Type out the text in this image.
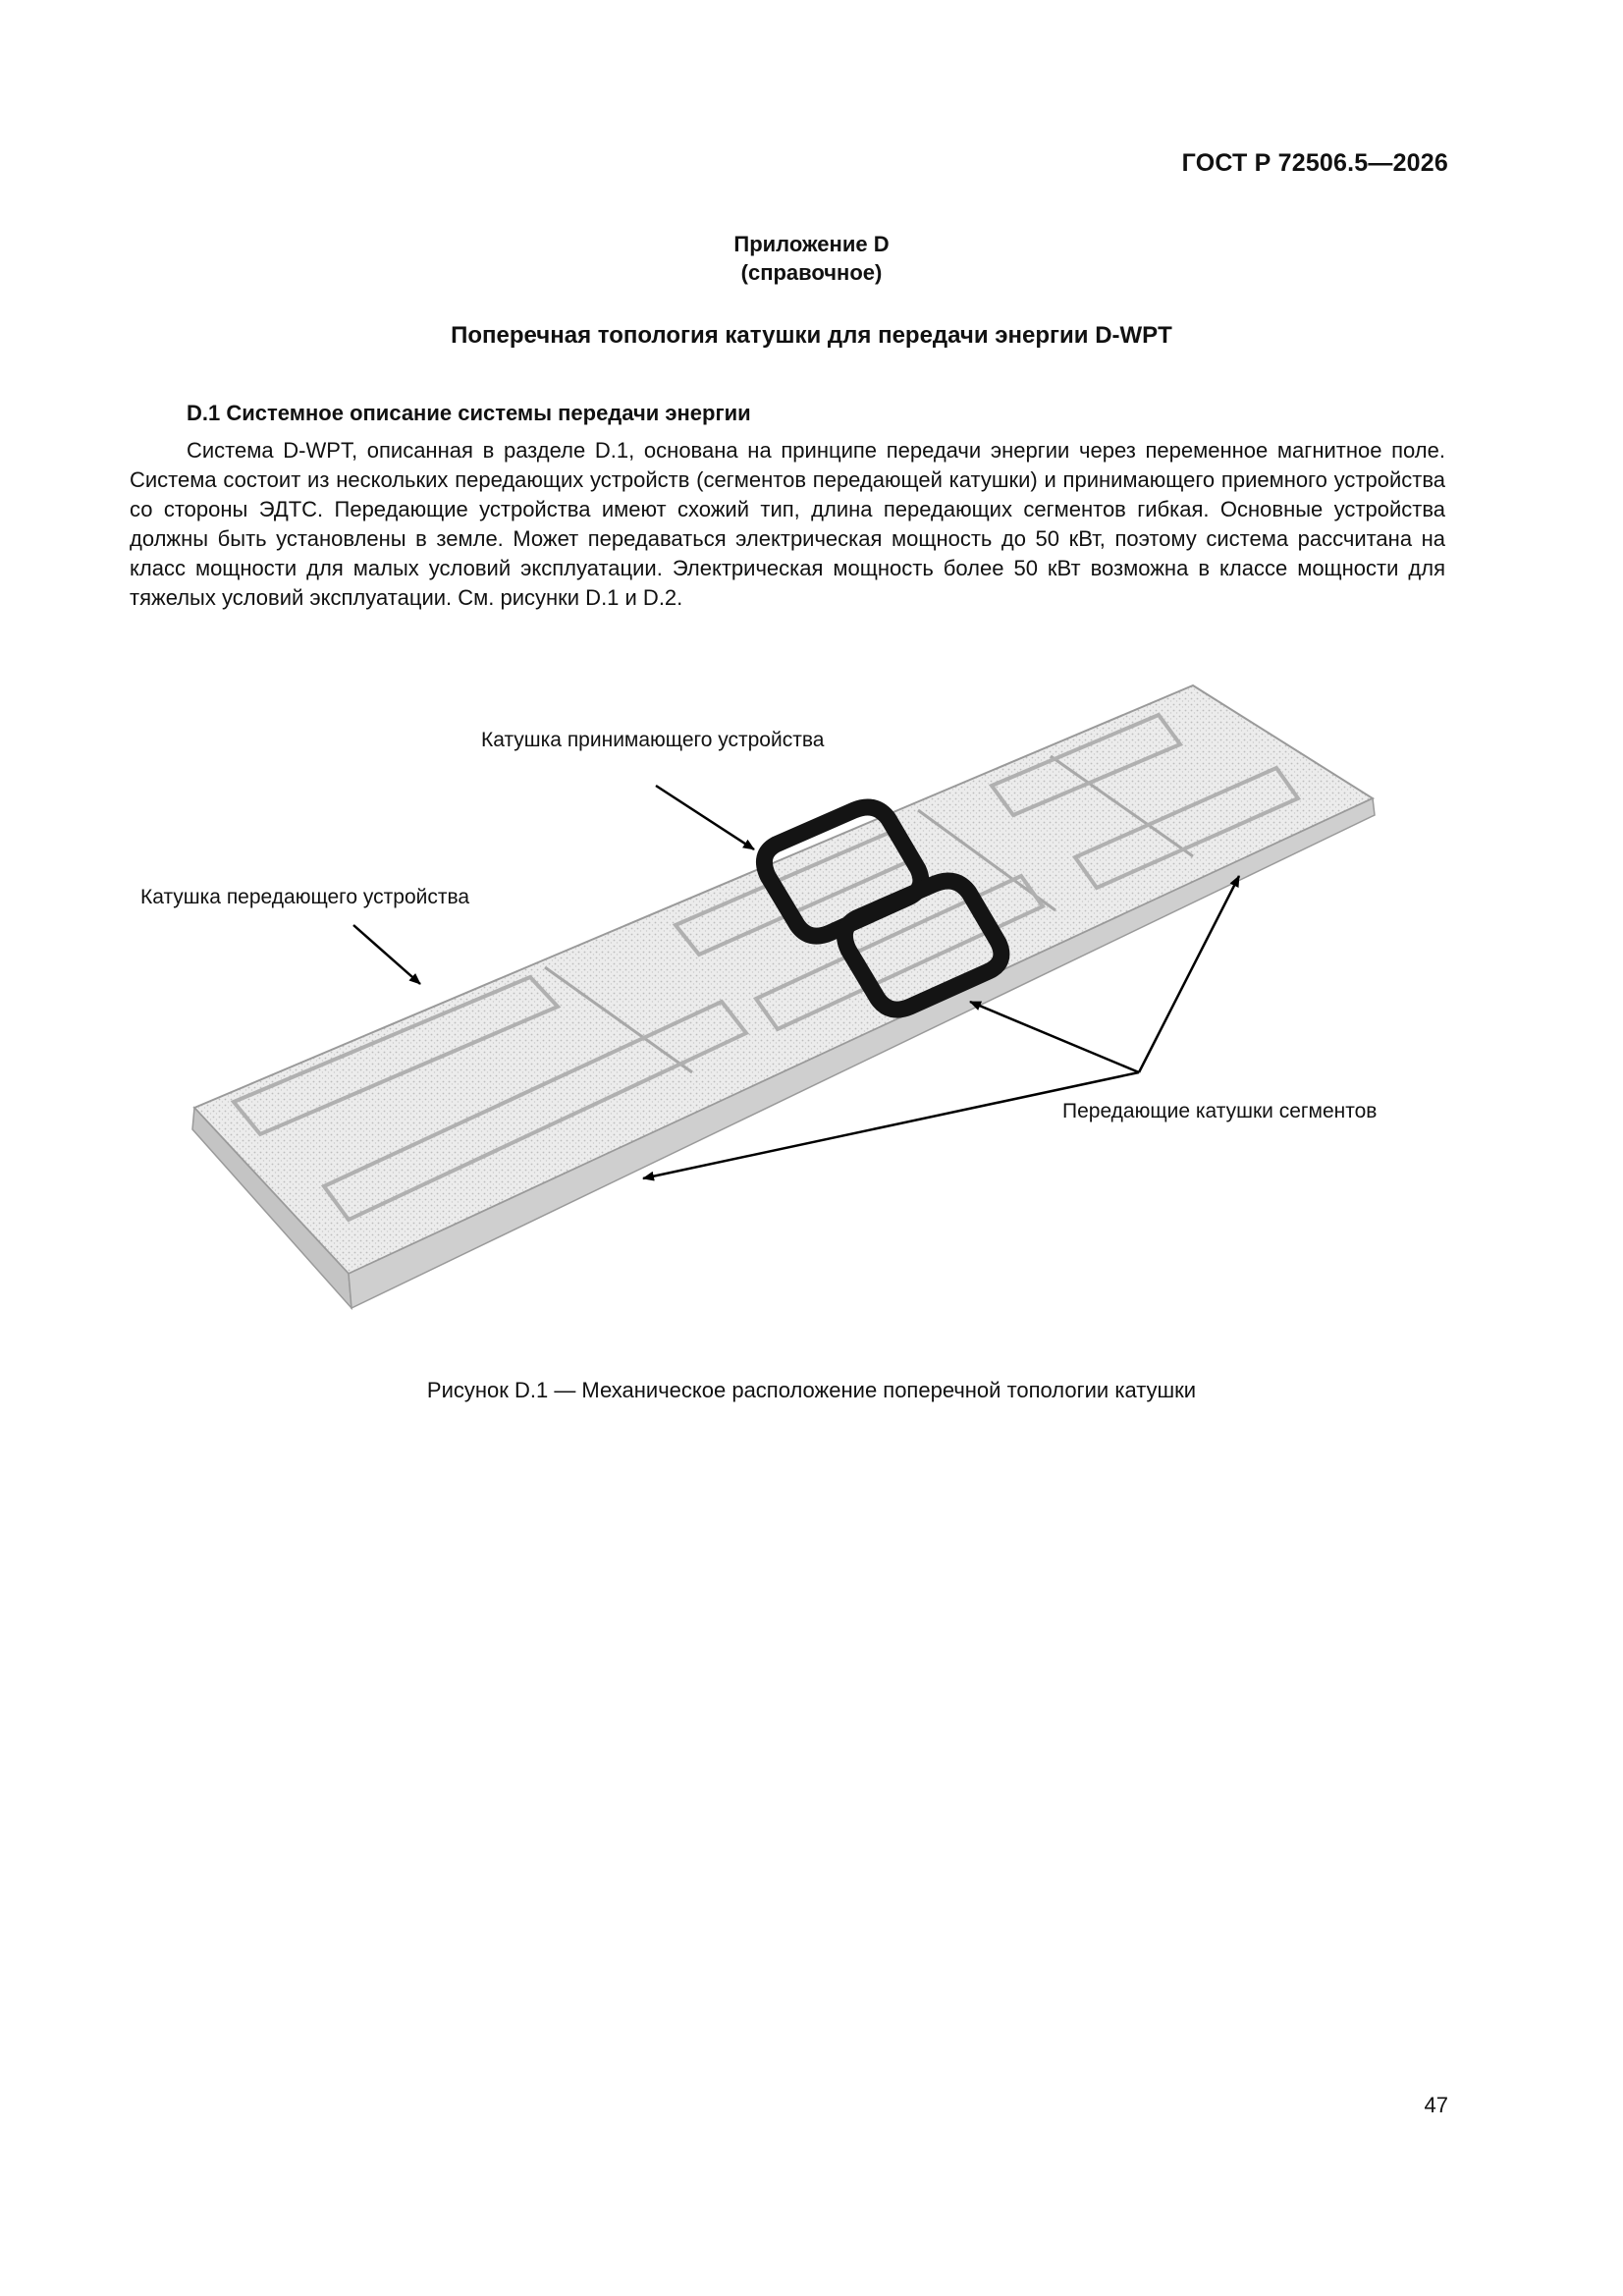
ГОСТ Р 72506.5—2026
Приложение D
(справочное)
Поперечная топология катушки для передачи энергии D-WPT
D.1 Системное описание системы передачи энергии

Система D-WPT, описанная в разделе D.1, основана на принципе передачи энергии через переменное магнитное поле. Система состоит из нескольких передающих устройств (сегментов передающей катушки) и принимающего приемного устройства со стороны ЭДТС. Передающие устройства имеют схожий тип, длина передающих сегментов гибкая. Основные устройства должны быть установлены в земле. Может передаваться электрическая мощность до 50 кВт, поэтому система рассчитана на класс мощности для малых условий эксплуатации. Электрическая мощность более 50 кВт возможна в классе мощности для тяжелых условий эксплуатации. См. рисунки D.1 и D.2.

Катушка принимающего устройства
Катушка передающего устройства
Передающие катушки сегментов
Рисунок D.1 — Механическое расположение поперечной топологии катушки
47
